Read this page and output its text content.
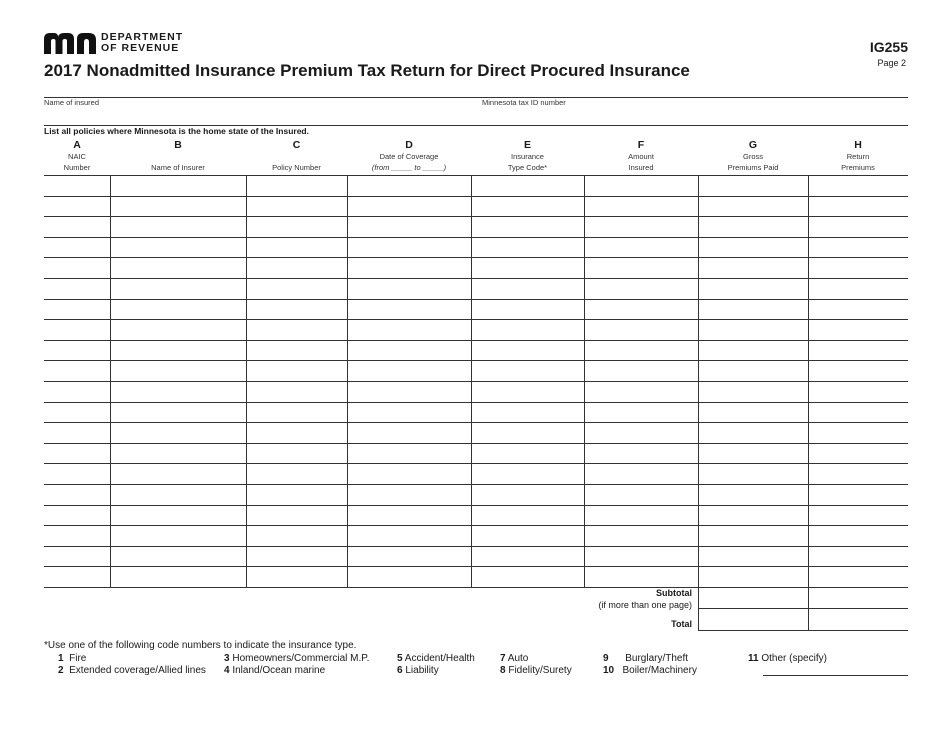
DEPARTMENT
OF REVENUE	IG255
Page 2
2017 Nonadmitted Insurance Premium Tax Return for Direct Procured Insurance
Name of insured	Minnesota tax ID number
List all policies where Minnesota is the home state of the Insured.
A
NAIC
Number
B

Name of Insurer
C

Policy Number
D
Date of Coverage
(from _____ to _____)
E
Insurance
Type Code*
F
Amount
Insured
G
Gross
Premiums Paid
H
Return
Premiums

Subtotal
(if more than one page)
Total
*Use one of the following code numbers to indicate the insurance type.
1 Fire
2 Extended coverage/Allied lines
3 Homeowners/Commercial M.P.
4 Inland/Ocean marine
5 Accident/Health
6 Liability
7 Auto
8 Fidelity/Surety
9 Burglary/Theft
10 Boiler/Machinery
11 Other (specify)
